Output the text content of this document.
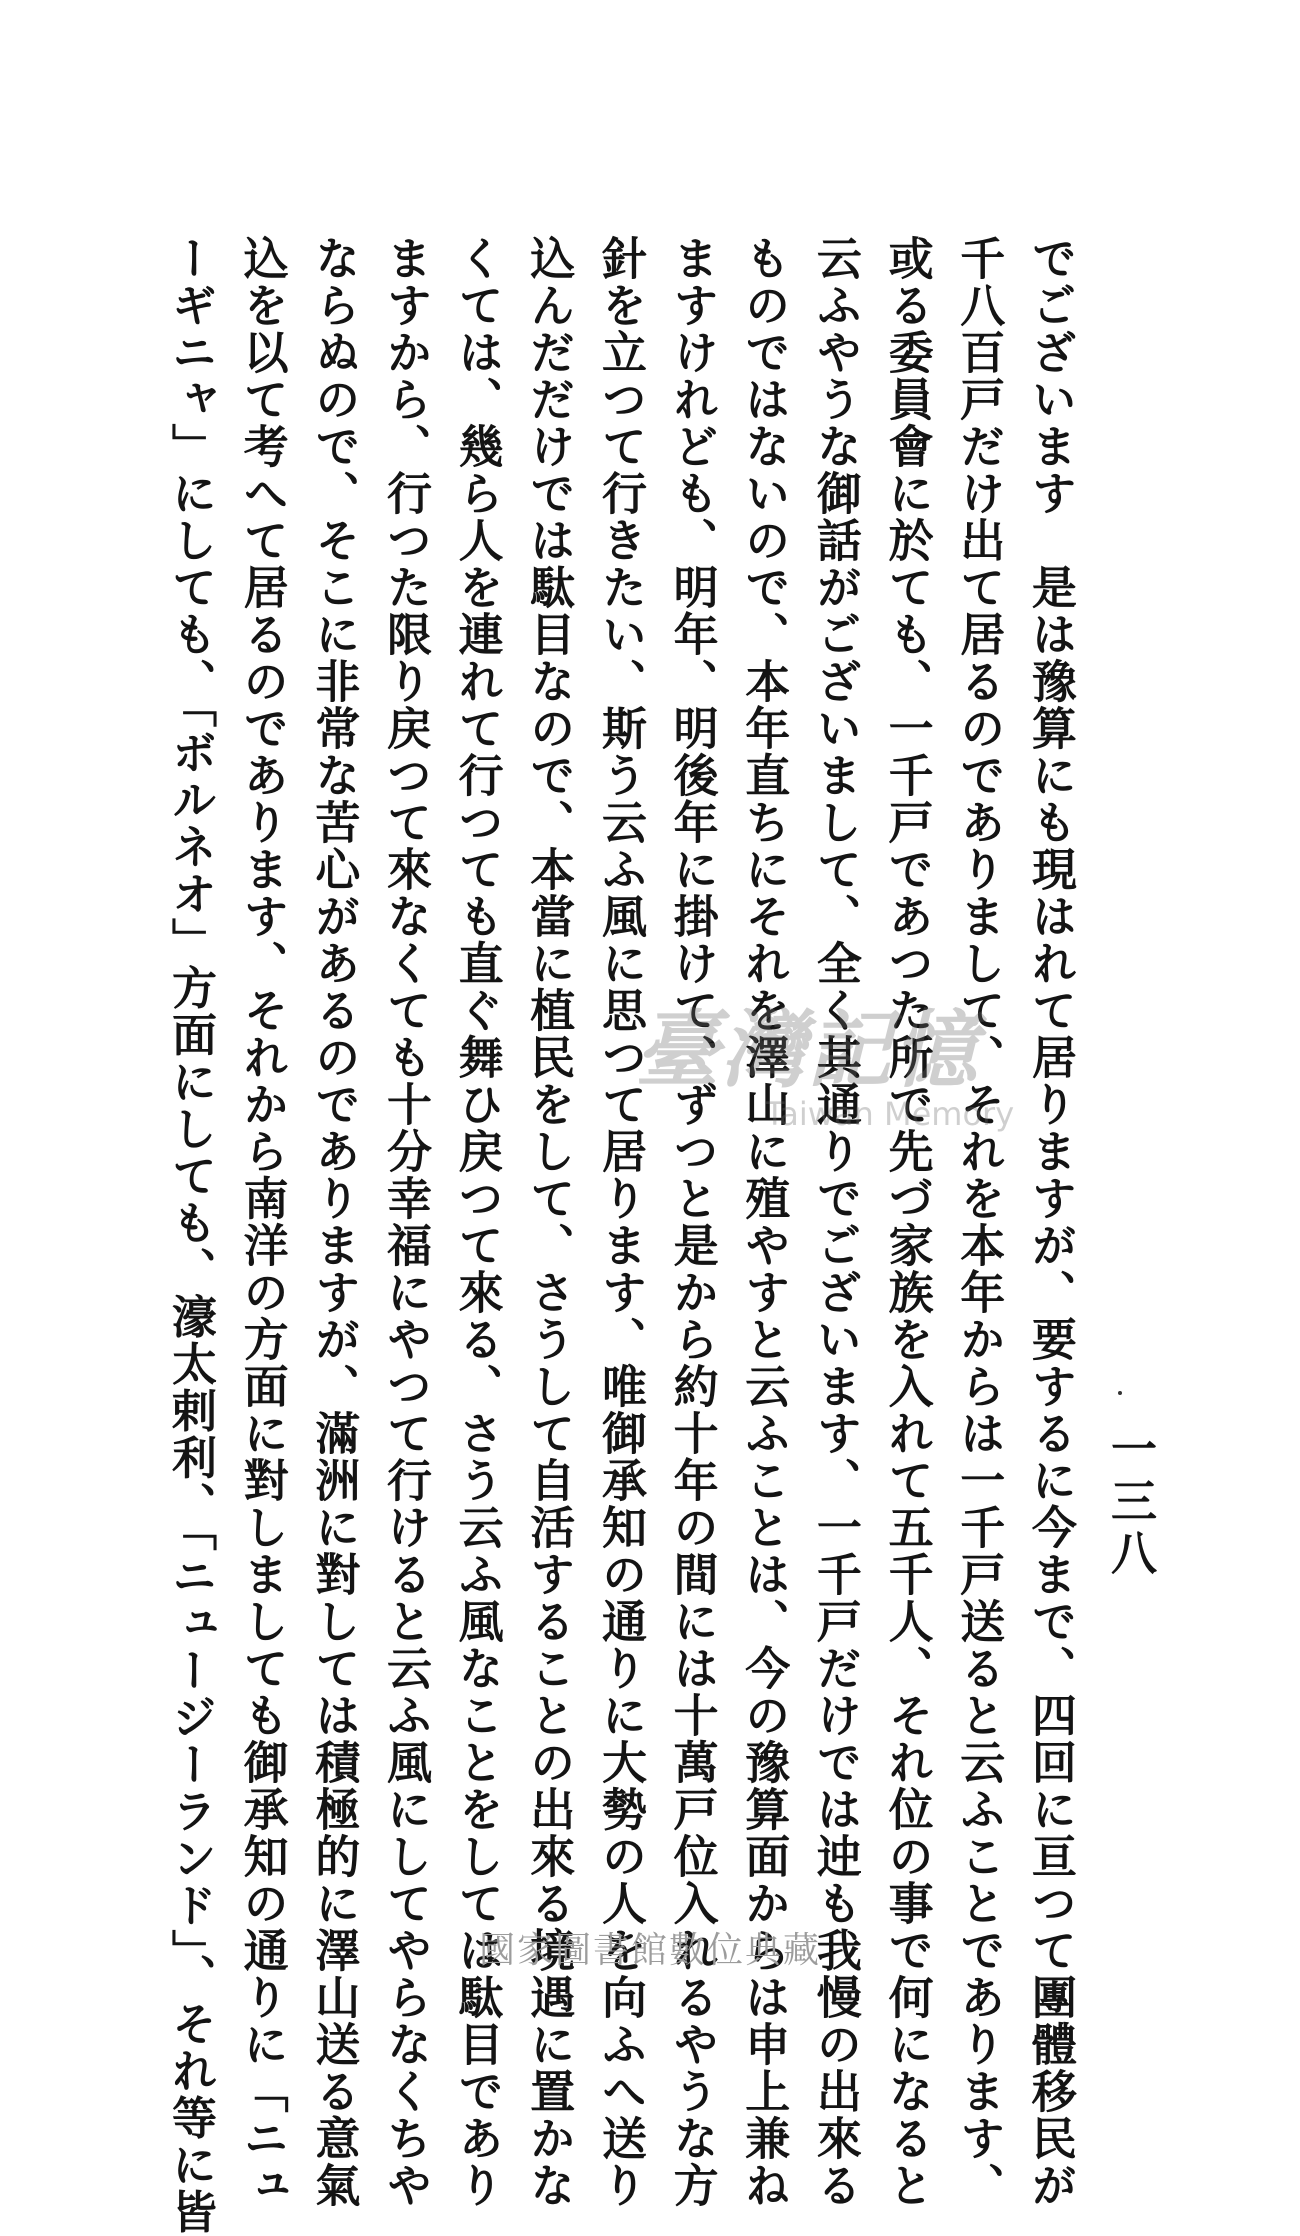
一三八
でございます　是は豫算にも現はれて居りますが、要するに今まで、四回に亘つて團體移民が
千八百戸だけ出て居るのでありまして、それを本年からは一千戸送ると云ふことであります、
或る委員會に於ても、一千戸であつた所で先づ家族を入れて五千人、それ位の事で何になると
云ふやうな御話がございまして、全く其通りでございます、一千戸だけでは迚も我慢の出來る
ものではないので、本年直ちにそれを澤山に殖やすと云ふことは、今の豫算面からは申上兼ね
ますけれども、明年、明後年に掛けて、ずつと是から約十年の間には十萬戸位入れるやうな方
針を立つて行きたい、斯う云ふ風に思つて居ります、唯御承知の通りに大勢の人を向ふへ送り
込んだだけでは駄目なので、本當に植民をして、さうして自活することの出來る境遇に置かな
くては、幾ら人を連れて行つても直ぐ舞ひ戻つて來る、さう云ふ風なことをしては駄目であり
ますから、行つた限り戻つて來なくても十分幸福にやつて行けると云ふ風にしてやらなくちや
ならぬので、そこに非常な苦心があるのでありますが、滿洲に對しては積極的に澤山送る意氣
込を以て考へて居るのであります、それから南洋の方面に對しましても御承知の通りに「ニュ
ーギニャ」にしても、「ボルネオ」方面にしても、濠太剌利、「ニュージーランド」、それ等に皆	臺灣記憶
Taiwan Memory
國家圖書館數位典藏
